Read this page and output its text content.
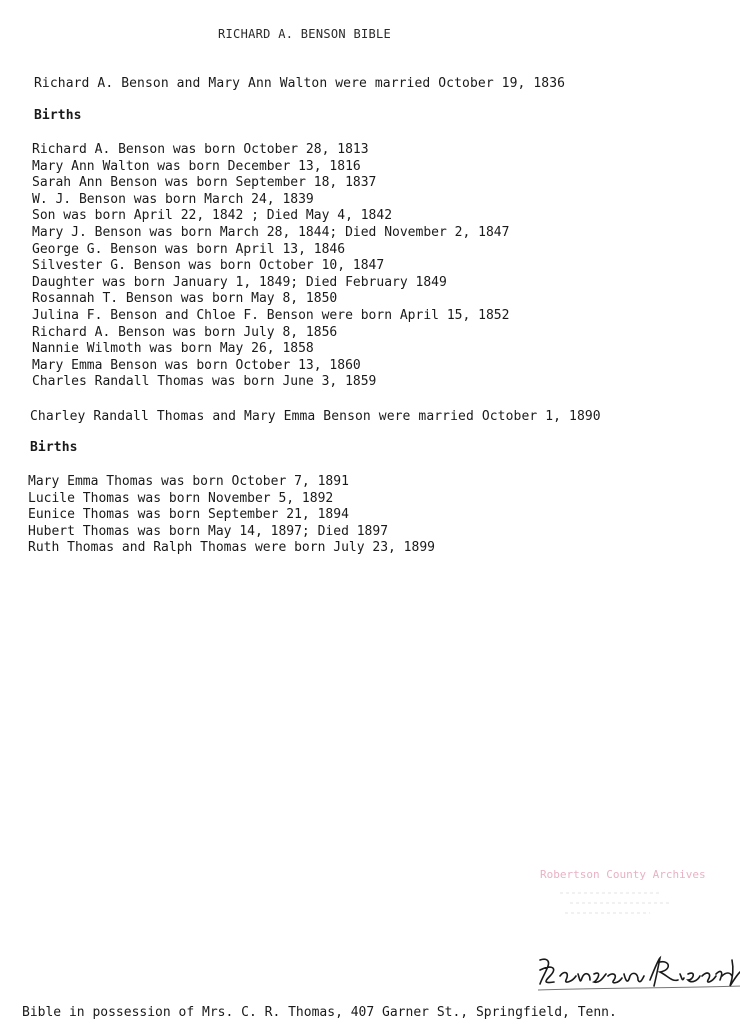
RICHARD A. BENSON BIBLE
Richard A. Benson and Mary Ann Walton were married October 19, 1836
Births
Richard A. Benson was born October 28, 1813
Mary Ann Walton was born December 13, 1816
Sarah Ann Benson was born September 18, 1837
W. J. Benson was born March 24, 1839
Son was born April 22, 1842 ; Died May 4, 1842
Mary J. Benson was born March 28, 1844; Died November 2, 1847
George G. Benson was born April 13, 1846
Silvester G. Benson was born October 10, 1847
Daughter was born January 1, 1849; Died February 1849
Rosannah T. Benson was born May 8, 1850
Julina F. Benson and Chloe F. Benson were born April 15, 1852
Richard A. Benson was born July 8, 1856
Nannie Wilmoth was born May 26, 1858
Mary Emma Benson was born October 13, 1860
Charles Randall Thomas was born June 3, 1859
Charley Randall Thomas and Mary Emma Benson were married October 1, 1890
Births
Mary Emma Thomas was born October 7, 1891
Lucile Thomas was born November 5, 1892
Eunice Thomas was born September 21, 1894
Hubert Thomas was born May 14, 1897; Died 1897
Ruth Thomas and Ralph Thomas were born July 23, 1899
Robertson County Archives
Bible in possession of Mrs. C. R. Thomas, 407 Garner St., Springfield, Tenn.
